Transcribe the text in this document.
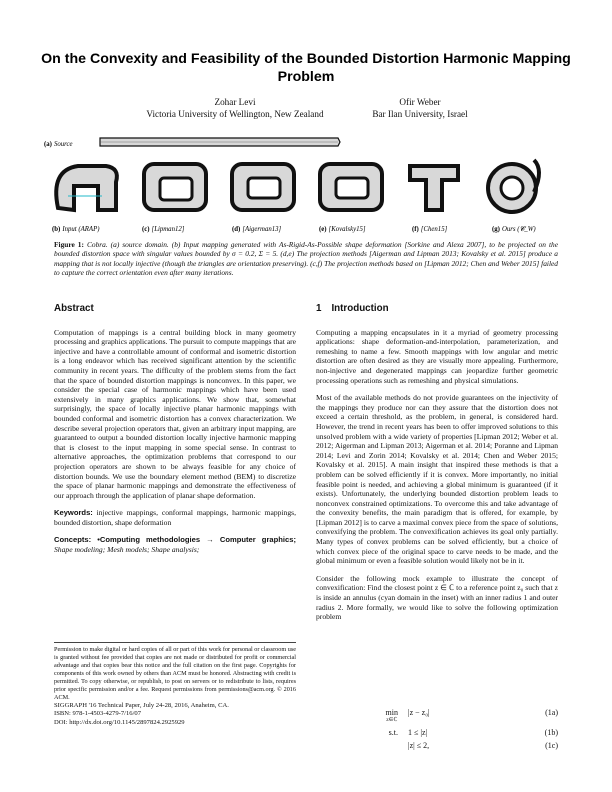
On the Convexity and Feasibility of the Bounded Distortion Harmonic Mapping Problem
Zohar Levi
Victoria University of Wellington, New Zealand
Ofir Weber
Bar Ilan University, Israel
(a) Source
(b) Input (ARAP)	(c) [Lipman12]	(d) [Aigerman13]	(e) [Kovalsky15]	(f) [Chen15]	(g) Ours (𝓒_W)
Figure 1: Cobra. (a) source domain. (b) Input mapping generated with As-Rigid-As-Possible shape deformation [Sorkine and Alexa 2007], to be projected on the bounded distortion space with singular values bounded by σ = 0.2, Σ = 5. (d,e) The projection methods [Aigerman and Lipman 2013; Kovalsky et al. 2015] produce a mapping that is not locally injective (though the triangles are orientation preserving). (c,f) The projection methods based on [Lipman 2012; Chen and Weber 2015] failed to capture the correct orientation even after many iterations.
Abstract

Computation of mappings is a central building block in many geometry processing and graphics applications. The pursuit to compute mappings that are injective and have a controllable amount of conformal and isometric distortion is a long endeavor which has received significant attention by the scientific community in recent years. The difficulty of the problem stems from the fact that the space of bounded distortion mappings is nonconvex. In this paper, we consider the special case of harmonic mappings which have been used extensively in many graphics applications. We show that, somewhat surprisingly, the space of locally injective planar harmonic mappings with bounded conformal and isometric distortion has a convex characterization. We describe several projection operators that, given an arbitrary input mapping, are guaranteed to output a bounded distortion locally injective harmonic mapping that is closest to the input mapping in some special sense. In contrast to alternative approaches, the optimization problems that correspond to our projection operators are shown to be always feasible for any choice of distortion bounds. We use the boundary element method (BEM) to discretize the space of planar harmonic mappings and demonstrate the effectiveness of our approach through the application of planar shape deformation.

Keywords: injective mappings, conformal mappings, harmonic mappings, bounded distortion, shape deformation

Concepts: •Computing methodologies → Computer graphics; Shape modeling; Mesh models; Shape analysis;

Permission to make digital or hard copies of all or part of this work for personal or classroom use is granted without fee provided that copies are not made or distributed for profit or commercial advantage and that copies bear this notice and the full citation on the first page. Copyrights for components of this work owned by others than ACM must be honored. Abstracting with credit is permitted. To copy otherwise, or republish, to post on servers or to redistribute to lists, requires prior specific permission and/or a fee. Request permissions from permissions@acm.org. © 2016 ACM.
SIGGRAPH '16 Technical Paper, July 24-28, 2016, Anaheim, CA.
ISBN: 978-1-4503-4279-7/16/07
DOI: http://dx.doi.org/10.1145/2897824.2925929
1 Introduction

Computing a mapping encapsulates in it a myriad of geometry processing applications: shape deformation-and-interpolation, parameterization, and remeshing to name a few. Smooth mappings with low angular and metric distortion are often desired as they are visually more appealing. Furthermore, non-injective and degenerated mappings can jeopardize further geometric processing operations such as remeshing and physical simulations.

Most of the available methods do not provide guarantees on the injectivity of the mappings they produce nor can they assure that the distortion does not exceed a certain threshold, as the problem, in general, is considered hard. However, the trend in recent years has been to offer improved solutions to this unsolved problem with a wide variety of properties [Lipman 2012; Weber et al. 2012; Aigerman and Lipman 2013; Aigerman et al. 2014; Poranne and Lipman 2014; Levi and Zorin 2014; Kovalsky et al. 2014; Chen and Weber 2015; Kovalsky et al. 2015]. A main insight that inspired these methods is that a problem can be solved efficiently if it is convex. More importantly, no initial feasible point is needed, and achieving a global minimum is guaranteed (if it exists). Unfortunately, the underlying bounded distortion problem leads to nonconvex constrained optimizations. To overcome this and take advantage of the convexity benefits, the main paradigm that is offered, for example, by [Lipman 2012] is to carve a maximal convex piece from the space of solutions, convexifying the problem. The convexification achieves its goal only partially. Many types of convex problems can be solved efficiently, but a choice of which convex piece of the original space to carve needs to be made, and the global minimum or even a feasible solution would likely not be in it.

Consider the following mock example to illustrate the concept of convexification: Find the closest point z ∈ ℂ to a reference point z₀ such that z is inside an annulus (cyan domain in the inset) with an inner radius 1 and outer radius 2. More formally, we would like to solve the following optimization problem

min
z∈ℂ
|z − z₀|	(1a)
s.t. 1 ≤ |z|	(1b)
|z| ≤ 2,	(1c)
